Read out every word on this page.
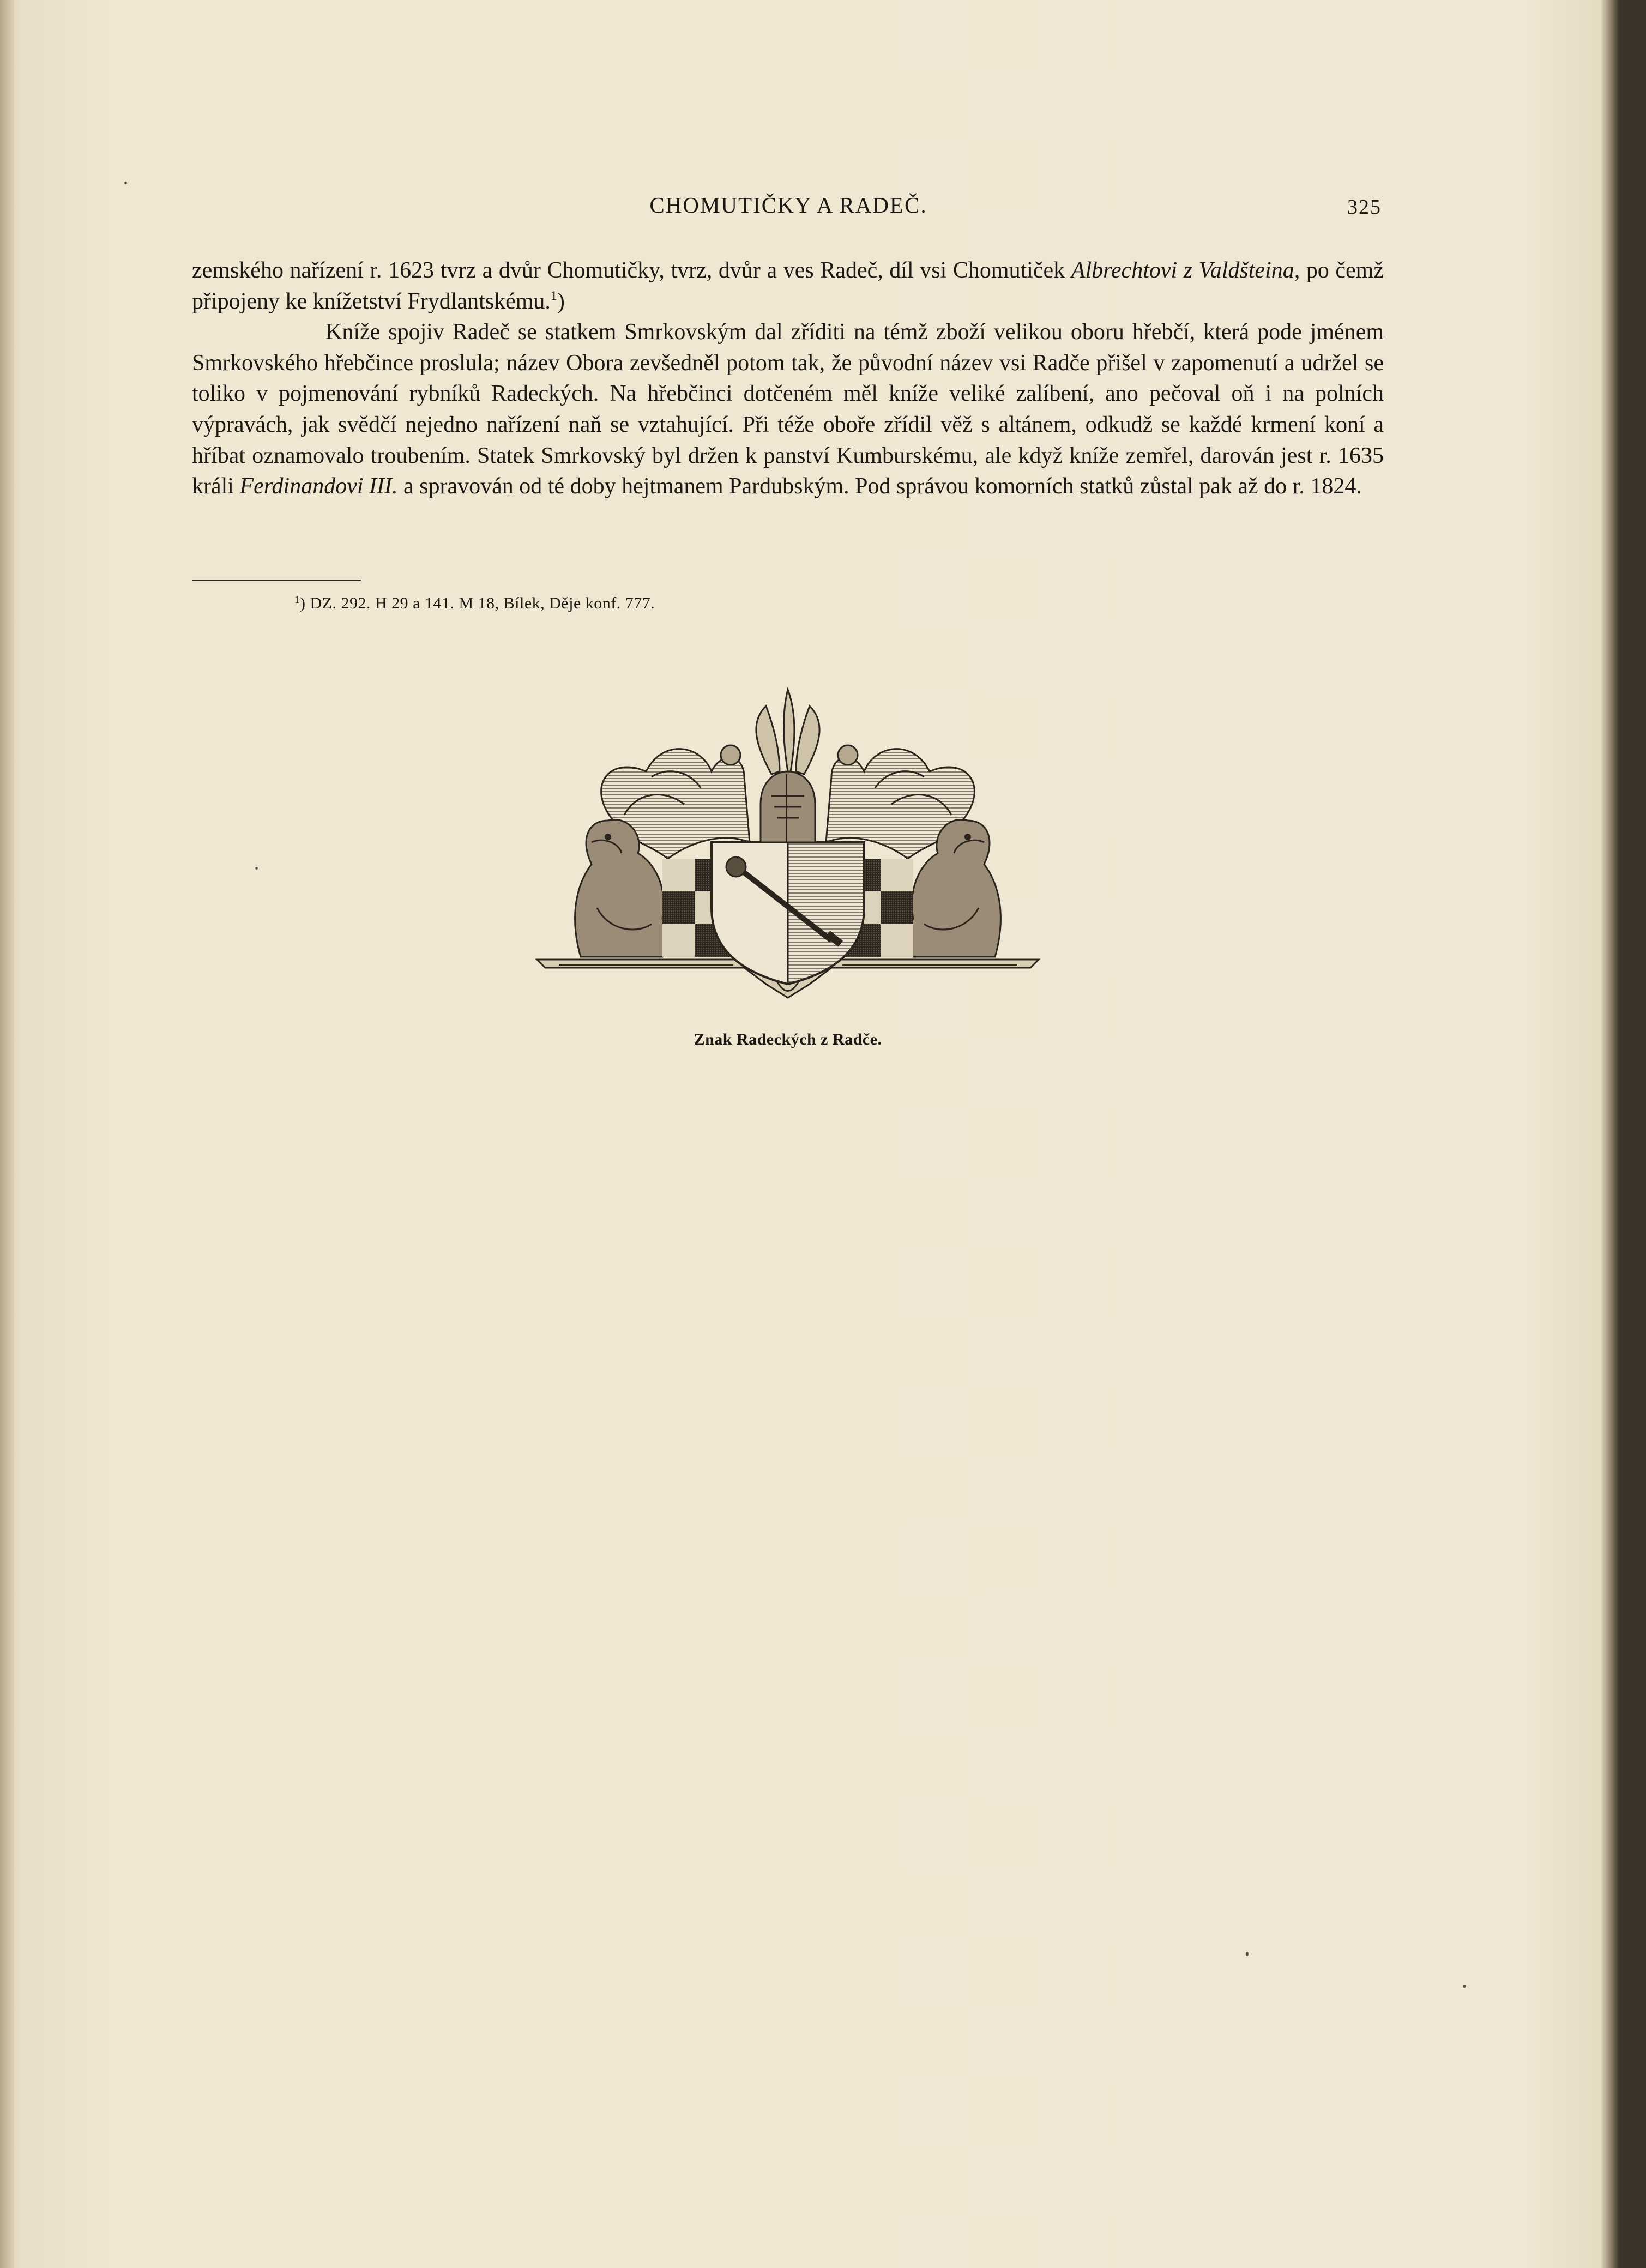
CHOMUTIČKY A RADEČ.	325

zemského nařízení r. 1623 tvrz a dvůr Chomutičky, tvrz, dvůr a ves Radeč, díl vsi Chomutiček Albrechtovi z Valdšteina, po čemž připojeny ke knížetství Frydlantskému.$^1$)

Kníže spojiv Radeč se statkem Smrkovským dal zříditi na témž zboží velikou oboru hřebčí, která pode jménem Smrkovského hřebčince proslula; název Obora zevšedněl potom tak, že původní název vsi Radče přišel v zapomenutí a udržel se toliko v pojmenování rybníků Radeckých. Na hřebčinci dotčeném měl kníže veliké zalíbení, ano pečoval oň i na polních výpravách, jak svědčí nejedno nařízení naň se vztahující. Při téže oboře zřídil věž s altánem, odkudž se každé krmení koní a hříbat oznamovalo troubením. Statek Smrkovský byl držen k panství Kumburskému, ale když kníže zemřel, darován jest r. 1635 králi Ferdinandovi III. a spravován od té doby hejtmanem Pardubským. Pod správou komorních statků zůstal pak až do r. 1824.

$^1$) DZ. 292. H 29 a 141. M 18, Bílek, Děje konf. 777.
Znak Radeckých z Radče.
